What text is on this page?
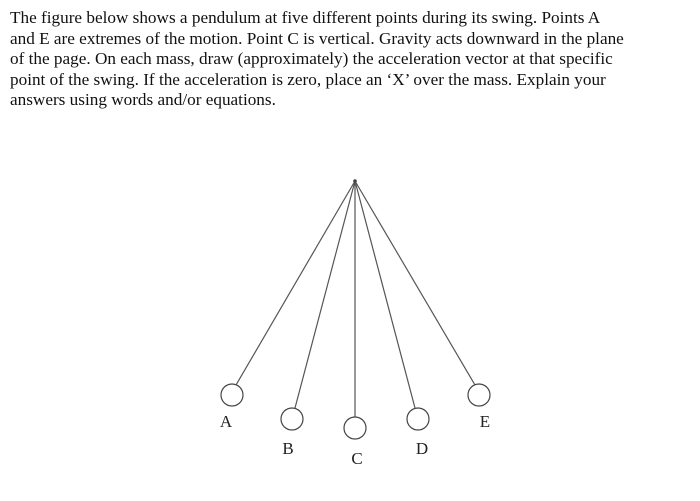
The figure below shows a pendulum at five different points during its swing. Points A
and E are extremes of the motion. Point C is vertical. Gravity acts downward in the plane
of the page. On each mass, draw (approximately) the acceleration vector at that specific
point of the swing. If the acceleration is zero, place an ‘X’ over the mass. Explain your
answers using words and/or equations.
A
B
C
D
E
